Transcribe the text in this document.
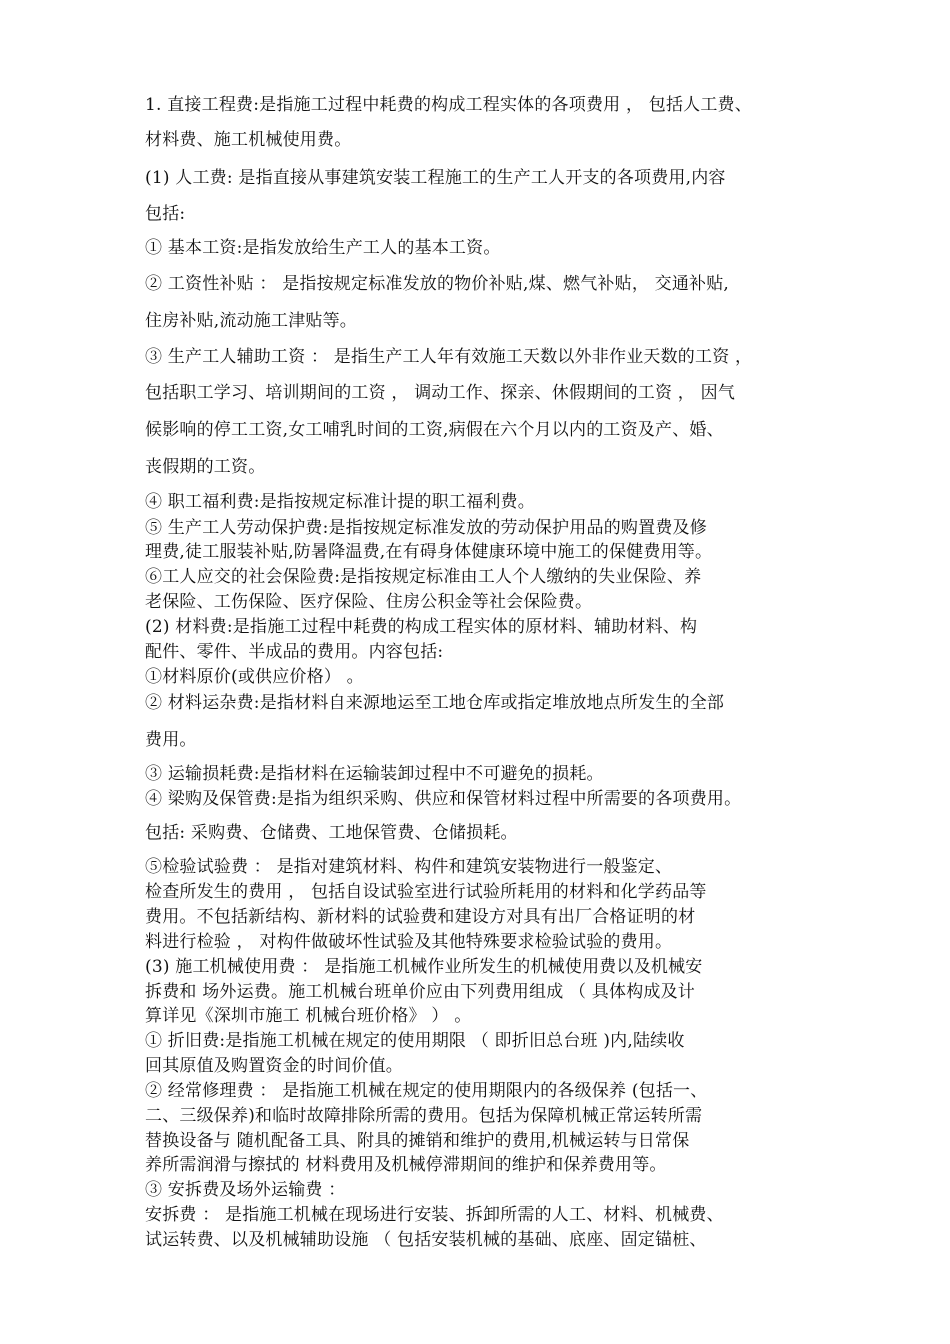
1. 直接工程费:是指施工过程中耗费的构成工程实体的各项费用 ， 包括人工费、

材料费、施工机械使用费。

(1) 人工费: 是指直接从事建筑安装工程施工的生产工人开支的各项费用,内容

包括:

① 基本工资:是指发放给生产工人的基本工资。

② 工资性补贴 ： 是指按规定标准发放的物价补贴,煤、燃气补贴， 交通补贴,

住房补贴,流动施工津贴等。

③ 生产工人辅助工资 ： 是指生产工人年有效施工天数以外非作业天数的工资 ，

包括职工学习、培训期间的工资 ， 调动工作、探亲、休假期间的工资 ， 因气

候影响的停工工资,女工哺乳时间的工资,病假在六个月以内的工资及产、婚、

丧假期的工资。

④ 职工福利费:是指按规定标准计提的职工福利费。

⑤ 生产工人劳动保护费:是指按规定标准发放的劳动保护用品的购置费及修

理费,徒工服装补贴,防暑降温费,在有碍身体健康环境中施工的保健费用等。

⑥工人应交的社会保险费:是指按规定标准由工人个人缴纳的失业保险、养

老保险、工伤保险、医疗保险、住房公积金等社会保险费。

(2) 材料费:是指施工过程中耗费的构成工程实体的原材料、辅助材料、构

配件、零件、半成品的费用。内容包括:

①材料原价(或供应价格） 。

② 材料运杂费:是指材料自来源地运至工地仓库或指定堆放地点所发生的全部

费用。

③ 运输损耗费:是指材料在运输装卸过程中不可避免的损耗。

④ 梁购及保管费:是指为组织采购、供应和保管材料过程中所需要的各项费用。

包括: 采购费、仓储费、工地保管费、仓储损耗。

⑤检验试验费 ： 是指对建筑材料、构件和建筑安装物进行一般鉴定、

检查所发生的费用 ， 包括自设试验室进行试验所耗用的材料和化学药品等

费用。不包括新结构、新材料的试验费和建设方对具有出厂合格证明的材

料进行检验 ， 对构件做破坏性试验及其他特殊要求检验试验的费用。

(3) 施工机械使用费 ： 是指施工机械作业所发生的机械使用费以及机械安

拆费和 场外运费。施工机械台班单价应由下列费用组成 （ 具体构成及计

算详见《深圳市施工 机械台班价格》 ） 。

① 折旧费:是指施工机械在规定的使用期限 （ 即折旧总台班 )内,陆续收

回其原值及购置资金的时间价值。

② 经常修理费 ： 是指施工机械在规定的使用期限内的各级保养 (包括一、

二、三级保养)和临时故障排除所需的费用。包括为保障机械正常运转所需

替换设备与 随机配备工具、附具的摊销和维护的费用,机械运转与日常保

养所需润滑与擦拭的 材料费用及机械停滞期间的维护和保养费用等。

③ 安拆费及场外运输费 ：

安拆费 ： 是指施工机械在现场进行安装、拆卸所需的人工、材料、机械费、

试运转费、以及机械辅助设施 （ 包括安装机械的基础、底座、固定锚桩、
